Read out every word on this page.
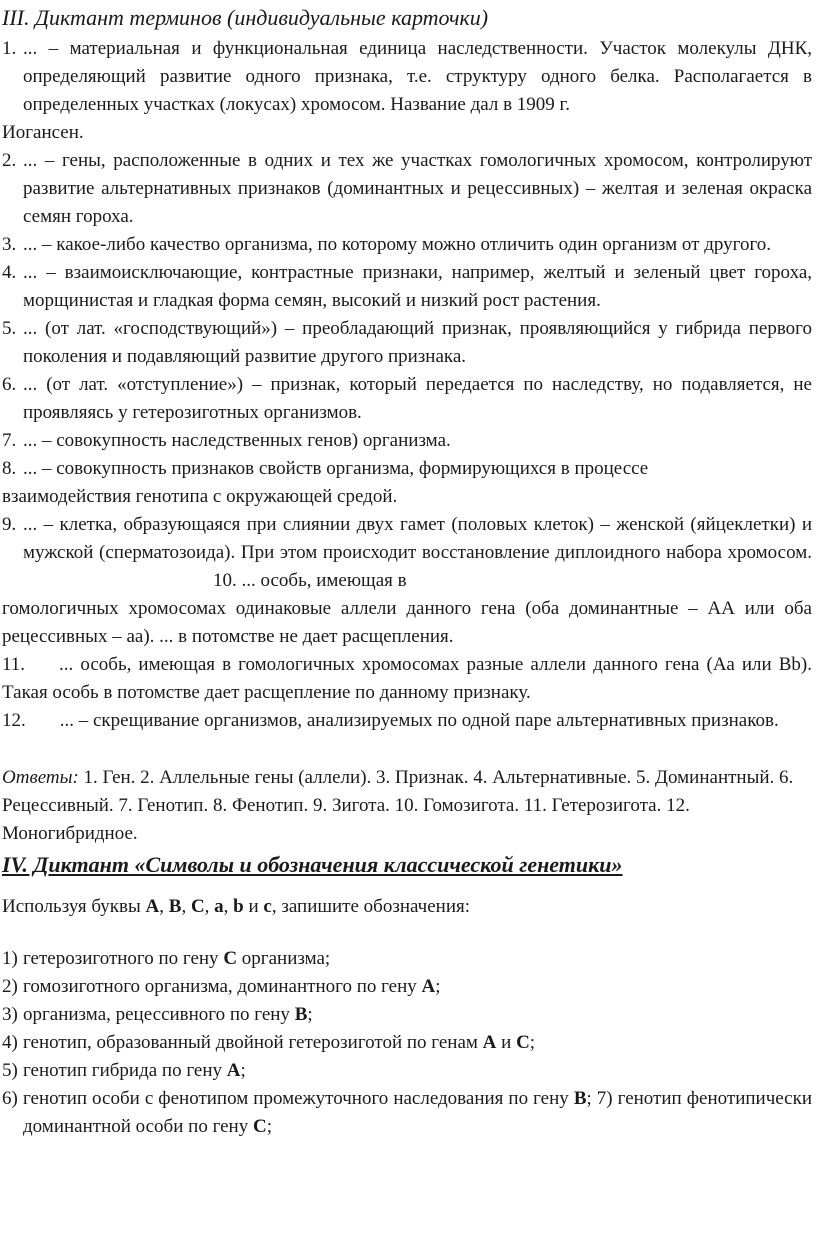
III. Диктант терминов (индивидуальные карточки)
1. ... – материальная и функциональная единица наследственности. Участок молекулы ДНК, определяющий развитие одного признака, т.е. структуру одного белка. Располагается в определенных участках (локусах) хромосом. Название дал в 1909 г.
Иогансен.
2. ... – гены, расположенные в одних и тех же участках гомологичных хромосом, контролируют развитие альтернативных признаков (доминантных и рецессивных) – желтая и зеленая окраска семян гороха.
3. ... – какое-либо качество организма, по которому можно отличить один организм от другого.
4. ... – взаимоисключающие, контрастные признаки, например, желтый и зеленый цвет гороха, морщинистая и гладкая форма семян, высокий и низкий рост растения.
5. ... (от лат. «господствующий») – преобладающий признак, проявляющийся у гибрида первого поколения и подавляющий развитие другого признака.
6. ... (от лат. «отступление») – признак, который передается по наследству, но подавляется, не проявляясь у гетерозиготных организмов.
7. ... – совокупность наследственных генов) организма.
8. ... – совокупность признаков свойств организма, формирующихся в процессе
взаимодействия генотипа с окружающей средой.
9. ... – клетка, образующаяся при слиянии двух гамет (половых клеток) – женской (яйцеклетки) и мужской (сперматозоида). При этом происходит восстановление диплоидного набора хромосом.10. ... особь, имеющая в
гомологичных хромосомах одинаковые аллели данного гена (оба доминантные – АА или оба рецессивных – аа). ... в потомстве не дает расщепления.
11. ... особь, имеющая в гомологичных хромосомах разные аллели данного гена (Аа или Bb). Такая особь в потомстве дает расщепление по данному признаку.
12. ... – скрещивание организмов, анализируемых по одной паре альтернативных признаков.
Ответы: 1. Ген. 2. Аллельные гены (аллели). 3. Признак. 4. Альтернативные. 5. Доминантный. 6. Рецессивный. 7. Генотип. 8. Фенотип. 9. Зигота. 10. Гомозигота. 11. Гетерозигота. 12. Моногибридное.
IV. Диктант «Символы и обозначения классической генетики»
Используя буквы A, B, C, a, b и c, запишите обозначения:
1) гетерозиготного по гену C организма;
2) гомозиготного организма, доминантного по гену A;
3) организма, рецессивного по гену B;
4) генотип, образованный двойной гетерозиготой по генам A и C;
5) генотип гибрида по гену A;
6) генотип особи с фенотипом промежуточного наследования по гену B; 7) генотип фенотипически доминантной особи по гену C;
